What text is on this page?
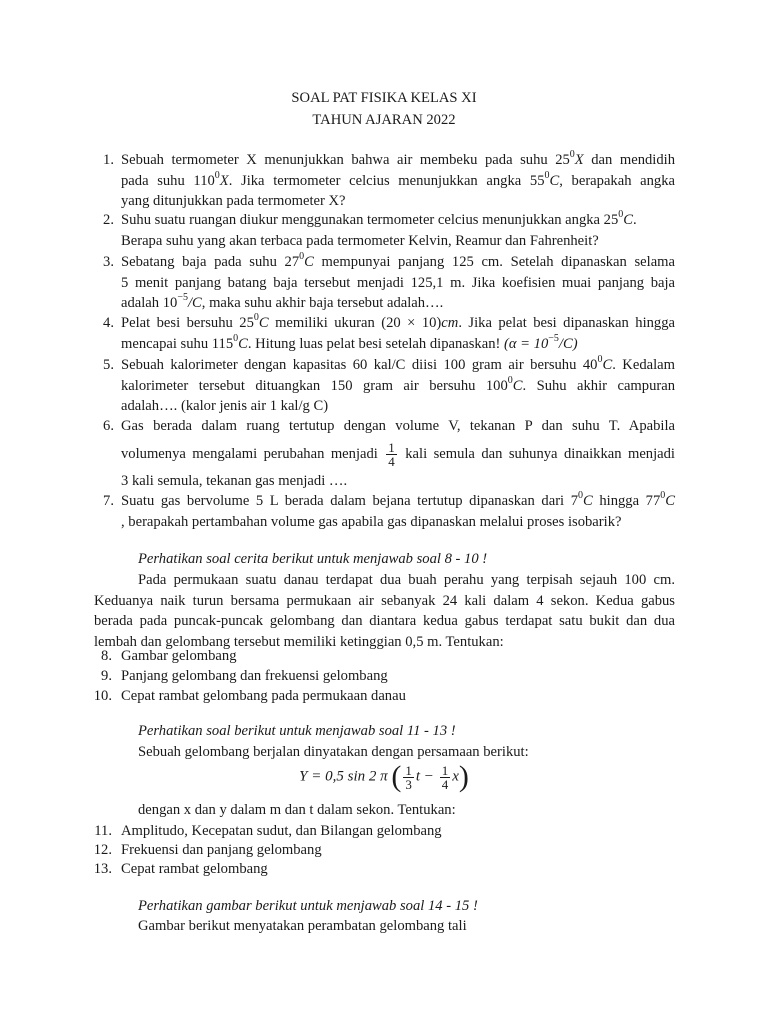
SOAL PAT FISIKA KELAS XI
TAHUN AJARAN 2022
1. Sebuah termometer X menunjukkan bahwa air membeku pada suhu $25^0X$ dan mendidih
pada suhu $110^0X$. Jika termometer celcius menunjukkan angka $55^0C$, berapakah angka
yang ditunjukkan pada termometer X?
2. Suhu suatu ruangan diukur menggunakan termometer celcius menunjukkan angka $25^0C$.
Berapa suhu yang akan terbaca pada termometer Kelvin, Reamur dan Fahrenheit?
3. Sebatang baja pada suhu $27^0C$ mempunyai panjang 125 cm. Setelah dipanaskan selama
5 menit panjang batang baja tersebut menjadi 125,1 m. Jika koefisien muai panjang baja
adalah $10^{-5}/C$, maka suhu akhir baja tersebut adalah….
4. Pelat besi bersuhu $25^0C$ memiliki ukuran (20 × 10)cm. Jika pelat besi dipanaskan hingga
mencapai suhu $115^0C$. Hitung luas pelat besi setelah dipanaskan! $(\alpha = 10^{-5}/C)$
5. Sebuah kalorimeter dengan kapasitas 60 kal/C diisi 100 gram air bersuhu $40^0C$. Kedalam
kalorimeter tersebut dituangkan 150 gram air bersuhu $100^0C$. Suhu akhir campuran
adalah…. (kalor jenis air 1 kal/g C)
6. Gas berada dalam ruang tertutup dengan volume V, tekanan P dan suhu T. Apabila
volumenya mengalami perubahan menjadi $\frac{1}{4}$ kali semula dan suhunya dinaikkan menjadi
3 kali semula, tekanan gas menjadi ….
7. Suatu gas bervolume 5 L berada dalam bejana tertutup dipanaskan dari $7^0C$ hingga $77^0C$
, berapakah pertambahan volume gas apabila gas dipanaskan melalui proses isobarik?
Perhatikan soal cerita berikut untuk menjawab soal 8 - 10 !
Pada permukaan suatu danau terdapat dua buah perahu yang terpisah sejauh 100 cm.
Keduanya naik turun bersama permukaan air sebanyak 24 kali dalam 4 sekon. Kedua gabus
berada pada puncak-puncak gelombang dan diantara kedua gabus terdapat satu bukit dan dua
lembah dan gelombang tersebut memiliki ketinggian 0,5 m. Tentukan:
8. Gambar gelombang
9. Panjang gelombang dan frekuensi gelombang
10. Cepat rambat gelombang pada permukaan danau
Perhatikan soal berikut untuk menjawab soal 11 - 13 !
Sebuah gelombang berjalan dinyatakan dengan persamaan berikut:
Y = 0,5 sin 2 π ( $\frac{1}{3}$ $t - \frac{1}{4} x$)
dengan x dan y dalam m dan t dalam sekon. Tentukan:
11. Amplitudo, Kecepatan sudut, dan Bilangan gelombang
12. Frekuensi dan panjang gelombang
13. Cepat rambat gelombang
Perhatikan gambar berikut untuk menjawab soal 14 - 15 !
Gambar berikut menyatakan perambatan gelombang tali
